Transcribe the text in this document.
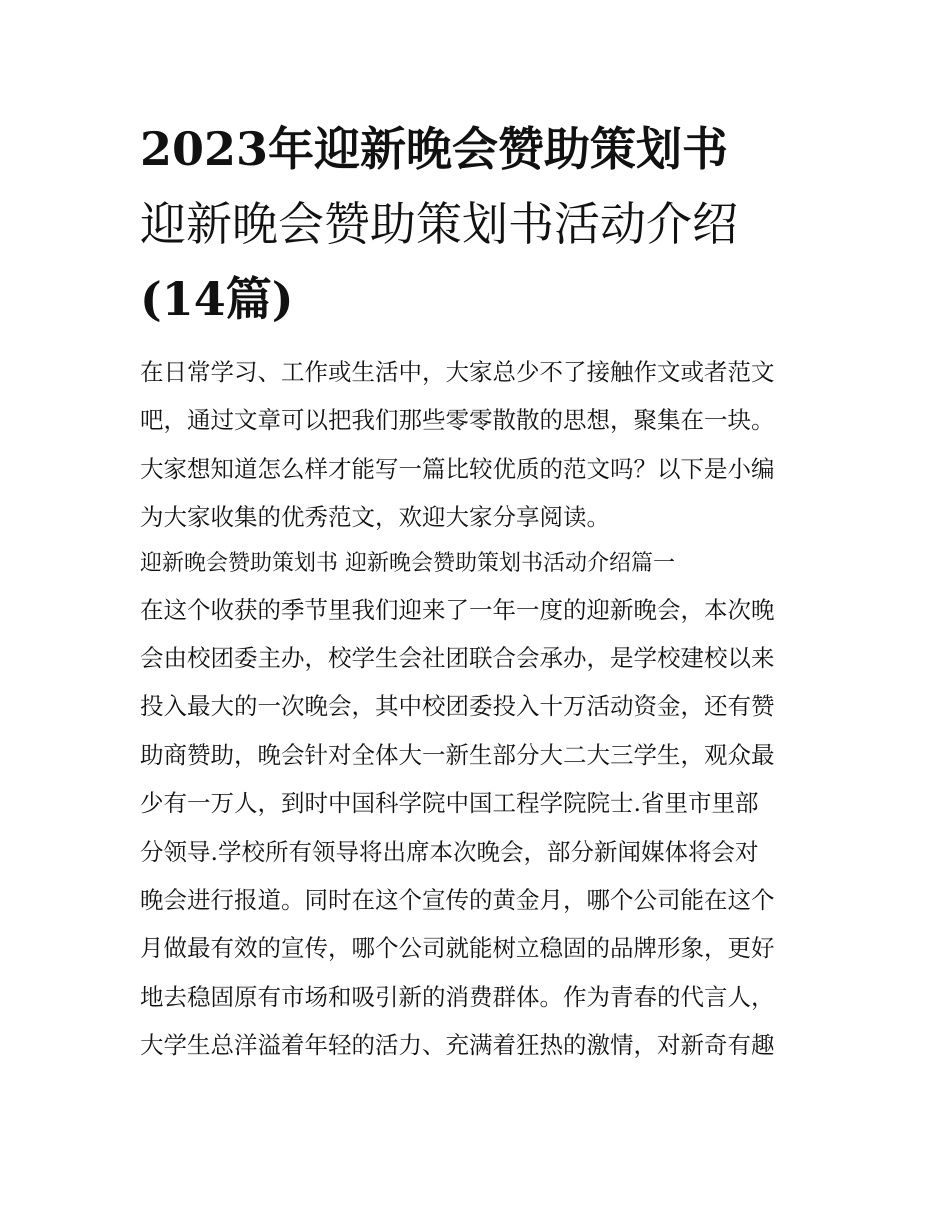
2023年迎新晚会赞助策划书
迎新晚会赞助策划书活动介绍
(14篇)
在日常学习、工作或生活中，大家总少不了接触作文或者范文
吧，通过文章可以把我们那些零零散散的思想，聚集在一块。
大家想知道怎么样才能写一篇比较优质的范文吗？以下是小编
为大家收集的优秀范文，欢迎大家分享阅读。
迎新晚会赞助策划书 迎新晚会赞助策划书活动介绍篇一
在这个收获的季节里我们迎来了一年一度的迎新晚会，本次晚
会由校团委主办，校学生会社团联合会承办，是学校建校以来
投入最大的一次晚会，其中校团委投入十万活动资金，还有赞
助商赞助，晚会针对全体大一新生部分大二大三学生，观众最
少有一万人，到时中国科学院中国工程学院院士.省里市里部
分领导.学校所有领导将出席本次晚会，部分新闻媒体将会对
晚会进行报道。同时在这个宣传的黄金月，哪个公司能在这个
月做最有效的宣传，哪个公司就能树立稳固的品牌形象，更好
地去稳固原有市场和吸引新的消费群体。作为青春的代言人，
大学生总洋溢着年轻的活力、充满着狂热的激情，对新奇有趣
